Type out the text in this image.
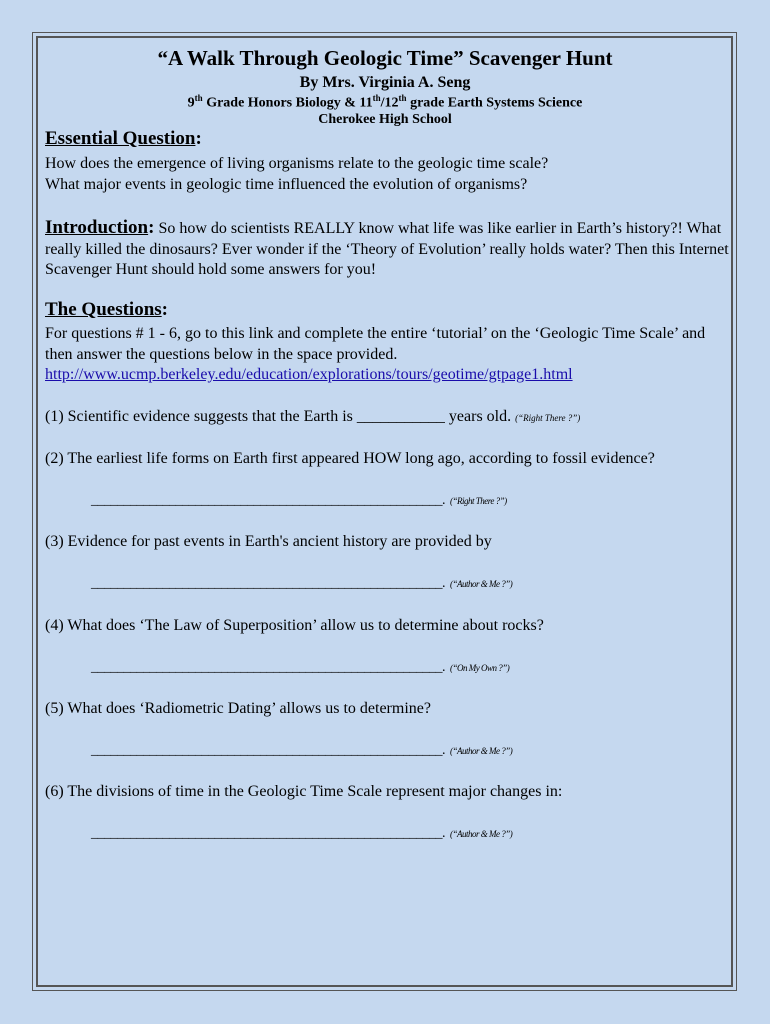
“A Walk Through Geologic Time” Scavenger Hunt
By Mrs. Virginia A. Seng
9th Grade Honors Biology & 11th/12th grade Earth Systems Science
Cherokee High School
Essential Question:
How does the emergence of living organisms relate to the geologic time scale?
What major events in geologic time influenced the evolution of organisms?
Introduction: So how do scientists REALLY know what life was like earlier in Earth’s history?! What really killed the dinosaurs? Ever wonder if the ‘Theory of Evolution’ really holds water? Then this Internet Scavenger Hunt should hold some answers for you!
The Questions:
For questions # 1 - 6, go to this link and complete the entire ‘tutorial’ on the ‘Geologic Time Scale’ and then answer the questions below in the space provided.
http://www.ucmp.berkeley.edu/education/explorations/tours/geotime/gtpage1.html
(1) Scientific evidence suggests that the Earth is ___________ years old. (“Right There ?”)
(2) The earliest life forms on Earth first appeared HOW long ago, according to fossil evidence?
______________________________________________________. (“Right There ?”)
(3) Evidence for past events in Earth's ancient history are provided by
______________________________________________________. (“Author & Me ?”)
(4) What does ‘The Law of Superposition’ allow us to determine about rocks?
______________________________________________________. (“On My Own ?”)
(5) What does ‘Radiometric Dating’ allows us to determine?
______________________________________________________. (“Author & Me ?”)
(6) The divisions of time in the Geologic Time Scale represent major changes in:
______________________________________________________. (“Author & Me ?”)
